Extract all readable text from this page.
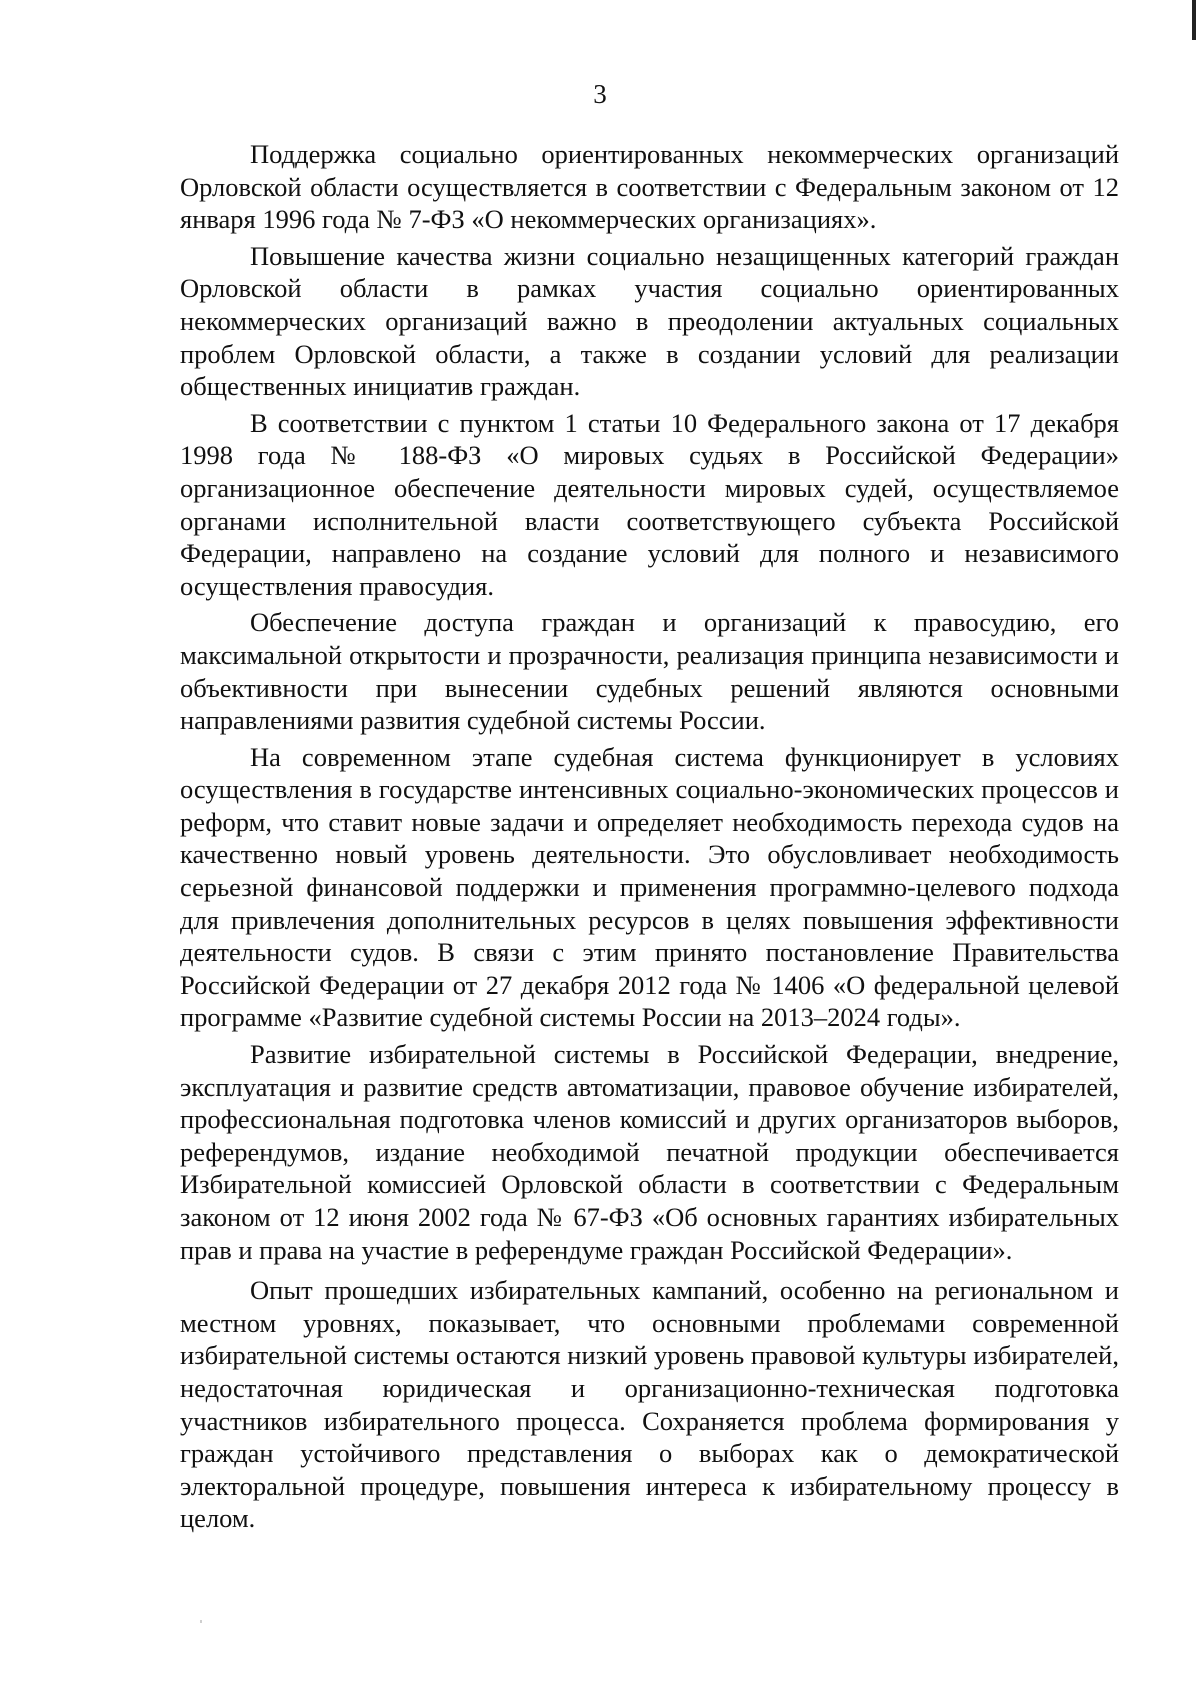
3

Поддержка социально ориентированных некоммерческих организаций Орловской области осуществляется в соответствии с Федеральным законом от 12 января 1996 года № 7-ФЗ «О некоммерческих организациях».

Повышение качества жизни социально незащищенных категорий граждан Орловской области в рамках участия социально ориентированных некоммерческих организаций важно в преодолении актуальных социальных проблем Орловской области, а также в создании условий для реализации общественных инициатив граждан.

В соответствии с пунктом 1 статьи 10 Федерального закона от 17 декабря 1998 года № 188-ФЗ «О мировых судьях в Российской Федерации» организационное обеспечение деятельности мировых судей, осуществляемое органами исполнительной власти соответствующего субъекта Российской Федерации, направлено на создание условий для полного и независимого осуществления правосудия.

Обеспечение доступа граждан и организаций к правосудию, его максимальной открытости и прозрачности, реализация принципа независимости и объективности при вынесении судебных решений являются основными направлениями развития судебной системы России.

На современном этапе судебная система функционирует в условиях осуществления в государстве интенсивных социально-экономических процессов и реформ, что ставит новые задачи и определяет необходимость перехода судов на качественно новый уровень деятельности. Это обусловливает необходимость серьезной финансовой поддержки и применения программно-целевого подхода для привлечения дополнительных ресурсов в целях повышения эффективности деятельности судов. В связи с этим принято постановление Правительства Российской Федерации от 27 декабря 2012 года № 1406 «О федеральной целевой программе «Развитие судебной системы России на 2013–2024 годы».

Развитие избирательной системы в Российской Федерации, внедрение, эксплуатация и развитие средств автоматизации, правовое обучение избирателей, профессиональная подготовка членов комиссий и других организаторов выборов, референдумов, издание необходимой печатной продукции обеспечивается Избирательной комиссией Орловской области в соответствии с Федеральным законом от 12 июня 2002 года № 67-ФЗ «Об основных гарантиях избирательных прав и права на участие в референдуме граждан Российской Федерации».

Опыт прошедших избирательных кампаний, особенно на региональном и местном уровнях, показывает, что основными проблемами современной избирательной системы остаются низкий уровень правовой культуры избирателей, недостаточная юридическая и организационно-техническая подготовка участников избирательного процесса. Сохраняется проблема формирования у граждан устойчивого представления о выборах как о демократической электоральной процедуре, повышения интереса к избирательному процессу в целом.
